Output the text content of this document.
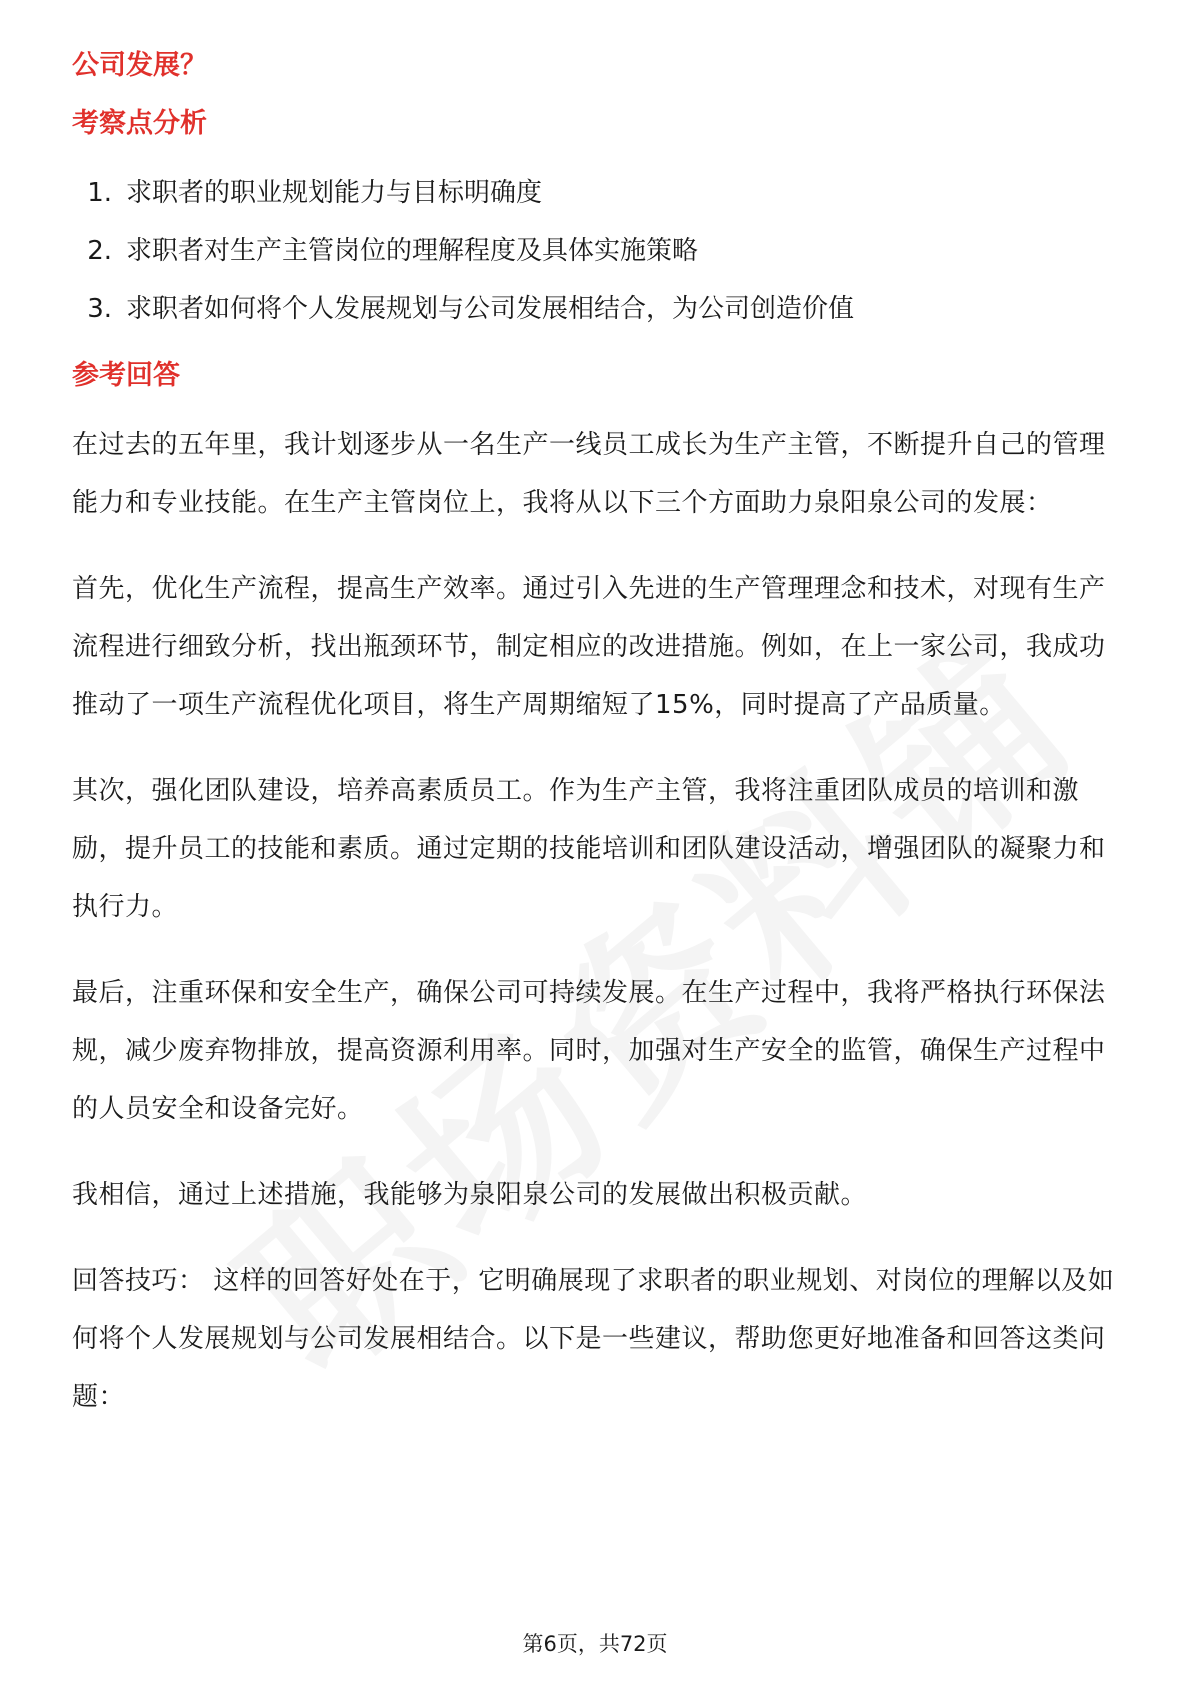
公司发展？
考察点分析
1. 求职者的职业规划能力与目标明确度
2. 求职者对生产主管岗位的理解程度及具体实施策略
3. 求职者如何将个人发展规划与公司发展相结合，为公司创造价值
参考回答

在过去的五年里，我计划逐步从一名生产一线员工成长为生产主管，不断提升自己的管理能力和专业技能。在生产主管岗位上，我将从以下三个方面助力泉阳泉公司的发展：

首先，优化生产流程，提高生产效率。通过引入先进的生产管理理念和技术，对现有生产流程进行细致分析，找出瓶颈环节，制定相应的改进措施。例如，在上一家公司，我成功推动了一项生产流程优化项目，将生产周期缩短了15%，同时提高了产品质量。

其次，强化团队建设，培养高素质员工。作为生产主管，我将注重团队成员的培训和激励，提升员工的技能和素质。通过定期的技能培训和团队建设活动，增强团队的凝聚力和执行力。

最后，注重环保和安全生产，确保公司可持续发展。在生产过程中，我将严格执行环保法规，减少废弃物排放，提高资源利用率。同时，加强对生产安全的监管，确保生产过程中的人员安全和设备完好。

我相信，通过上述措施，我能够为泉阳泉公司的发展做出积极贡献。

回答技巧： 这样的回答好处在于，它明确展现了求职者的职业规划、对岗位的理解以及如何将个人发展规划与公司发展相结合。以下是一些建议，帮助您更好地准备和回答这类问题：

第6页，共72页
